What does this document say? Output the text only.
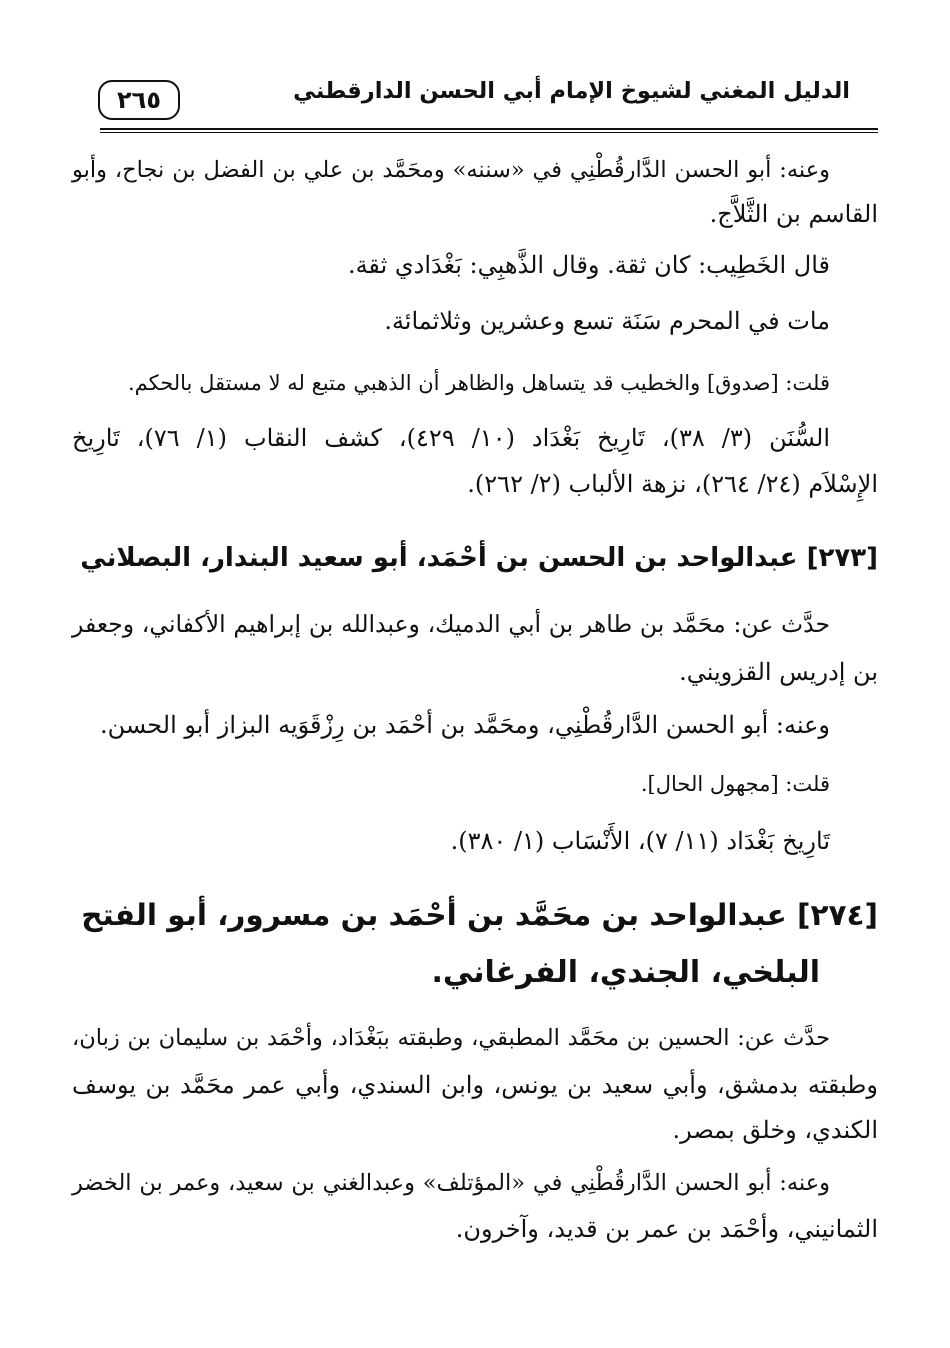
الدليل المغني لشيوخ الإمام أبي الحسن الدارقطني
٢٦٥
وعنه: أبو الحسن الدَّارقُطْنِي في «سننه» ومحَمَّد بن علي بن الفضل بن نجاح، وأبو
القاسم بن الثَّلاَّج.
قال الخَطِيب: كان ثقة. وقال الذَّهبِي: بَغْدَادي ثقة.
مات في المحرم سَنَة تسع وعشرين وثلاثمائة.
قلت: [صدوق] والخطيب قد يتساهل والظاهر أن الذهبي متبع له لا مستقل بالحكم.
السُّنَن (٣/ ٣٨)، تَارِيخ بَغْدَاد (١٠/ ٤٢٩)، كشف النقاب (١/ ٧٦)، تَارِيخ
الإِسْلاَم (٢٤/ ٢٦٤)، نزهة الألباب (٢/ ٢٦٢).
[٢٧٣] عبدالواحد بن الحسن بن أحْمَد، أبو سعيد البندار، البصلاني
حدَّث عن: محَمَّد بن طاهر بن أبي الدميك، وعبدالله بن إبراهيم الأكفاني، وجعفر
بن إدريس القزويني.
وعنه: أبو الحسن الدَّارقُطْنِي، ومحَمَّد بن أحْمَد بن رِزْقَوَيه البزاز أبو الحسن.
قلت: [مجهول الحال].
تَارِيخ بَغْدَاد (١١/ ٧)، الأَنْسَاب (١/ ٣٨٠).
[٢٧٤] عبدالواحد بن محَمَّد بن أحْمَد بن مسرور، أبو الفتح
البلخي، الجندي، الفرغاني.
حدَّث عن: الحسين بن محَمَّد المطبقي، وطبقته ببَغْدَاد، وأحْمَد بن سليمان بن زبان،
وطبقته بدمشق، وأبي سعيد بن يونس، وابن السندي، وأبي عمر محَمَّد بن يوسف
الكندي، وخلق بمصر.
وعنه: أبو الحسن الدَّارقُطْنِي في «المؤتلف» وعبدالغني بن سعيد، وعمر بن الخضر
الثمانيني، وأحْمَد بن عمر بن قديد، وآخرون.
